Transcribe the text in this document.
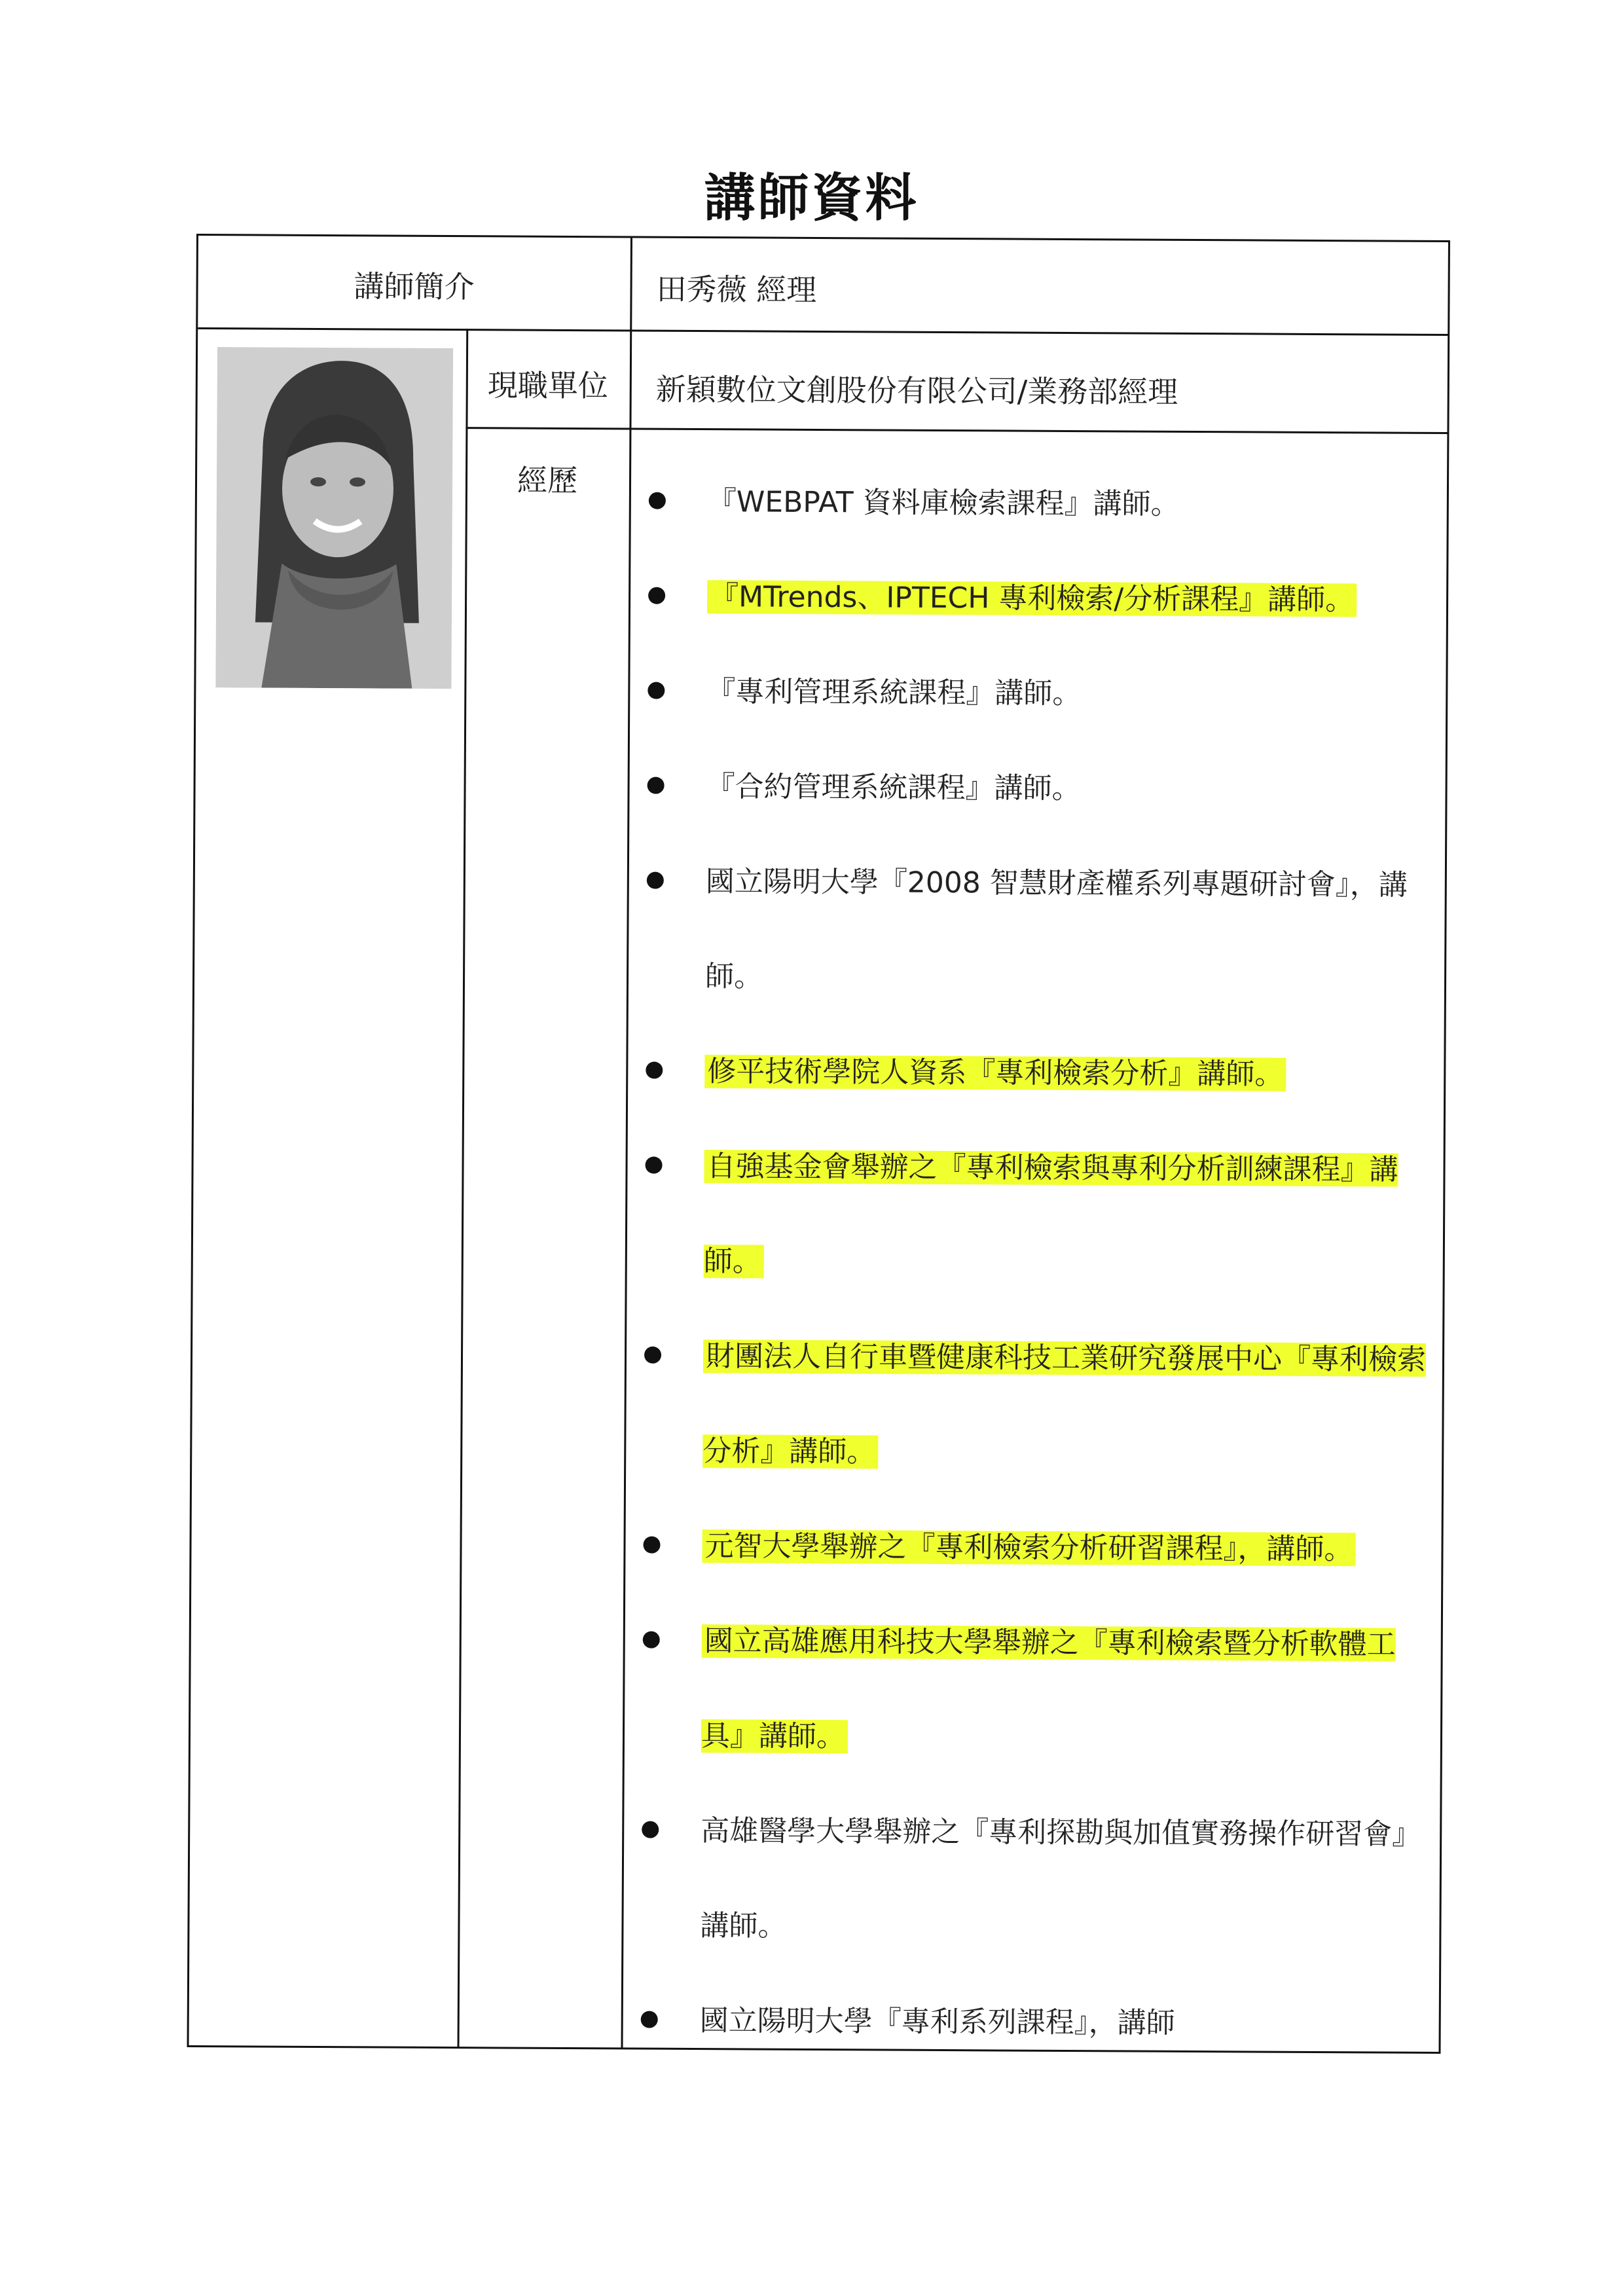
講師資料
講師簡介	田秀薇 經理
現職單位	新穎數位文創股份有限公司/業務部經理
經歷
『WEBPAT 資料庫檢索課程』講師。
『MTrends、IPTECH 專利檢索/分析課程』講師。
『專利管理系統課程』講師。
『合約管理系統課程』講師。
國立陽明大學『2008 智慧財產權系列專題研討會』，講師。
修平技術學院人資系『專利檢索分析』講師。
自強基金會舉辦之『專利檢索與專利分析訓練課程』講師。
財團法人自行車暨健康科技工業研究發展中心『專利檢索分析』講師。
元智大學舉辦之『專利檢索分析研習課程』，講師。
國立高雄應用科技大學舉辦之『專利檢索暨分析軟體工具』講師。
高雄醫學大學舉辦之『專利探勘與加值實務操作研習會』講師。
國立陽明大學『專利系列課程』，講師
